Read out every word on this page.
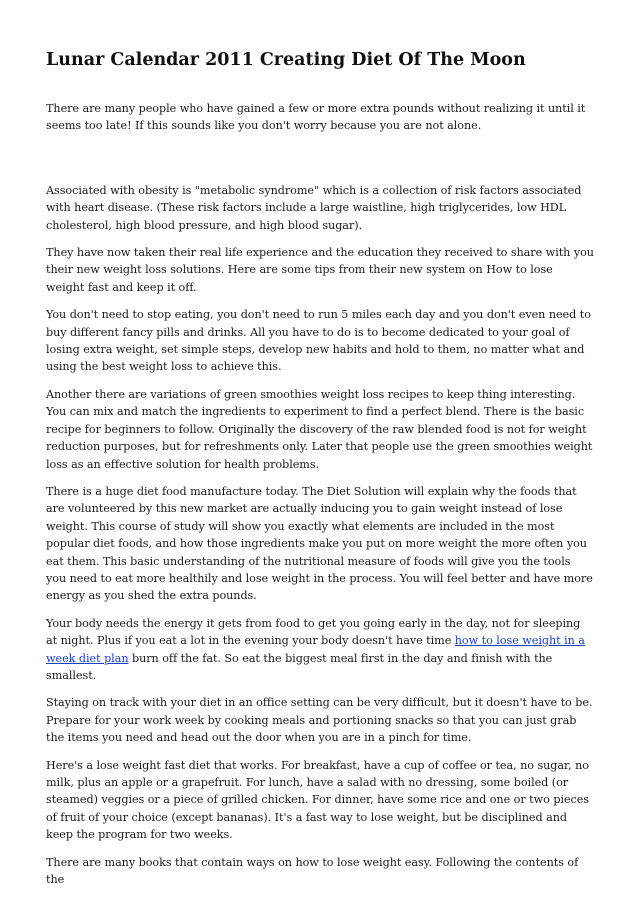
Lunar Calendar 2011 Creating Diet Of The Moon

There are many people who have gained a few or more extra pounds without realizing it until it seems too late! If this sounds like you don't worry because you are not alone.

Associated with obesity is "metabolic syndrome" which is a collection of risk factors associated with heart disease. (These risk factors include a large waistline, high triglycerides, low HDL cholesterol, high blood pressure, and high blood sugar).

They have now taken their real life experience and the education they received to share with you their new weight loss solutions. Here are some tips from their new system on How to lose weight fast and keep it off.

You don't need to stop eating, you don't need to run 5 miles each day and you don't even need to buy different fancy pills and drinks. All you have to do is to become dedicated to your goal of losing extra weight, set simple steps, develop new habits and hold to them, no matter what and using the best weight loss to achieve this.

Another there are variations of green smoothies weight loss recipes to keep thing interesting. You can mix and match the ingredients to experiment to find a perfect blend. There is the basic recipe for beginners to follow. Originally the discovery of the raw blended food is not for weight reduction purposes, but for refreshments only. Later that people use the green smoothies weight loss as an effective solution for health problems.

There is a huge diet food manufacture today. The Diet Solution will explain why the foods that are volunteered by this new market are actually inducing you to gain weight instead of lose weight. This course of study will show you exactly what elements are included in the most popular diet foods, and how those ingredients make you put on more weight the more often you eat them. This basic understanding of the nutritional measure of foods will give you the tools you need to eat more healthily and lose weight in the process. You will feel better and have more energy as you shed the extra pounds.

Your body needs the energy it gets from food to get you going early in the day, not for sleeping at night. Plus if you eat a lot in the evening your body doesn't have time how to lose weight in a week diet plan burn off the fat. So eat the biggest meal first in the day and finish with the smallest.

Staying on track with your diet in an office setting can be very difficult, but it doesn't have to be. Prepare for your work week by cooking meals and portioning snacks so that you can just grab the items you need and head out the door when you are in a pinch for time.

Here's a lose weight fast diet that works. For breakfast, have a cup of coffee or tea, no sugar, no milk, plus an apple or a grapefruit. For lunch, have a salad with no dressing, some boiled (or steamed) veggies or a piece of grilled chicken. For dinner, have some rice and one or two pieces of fruit of your choice (except bananas). It's a fast way to lose weight, but be disciplined and keep the program for two weeks.

There are many books that contain ways on how to lose weight easy. Following the contents of the
